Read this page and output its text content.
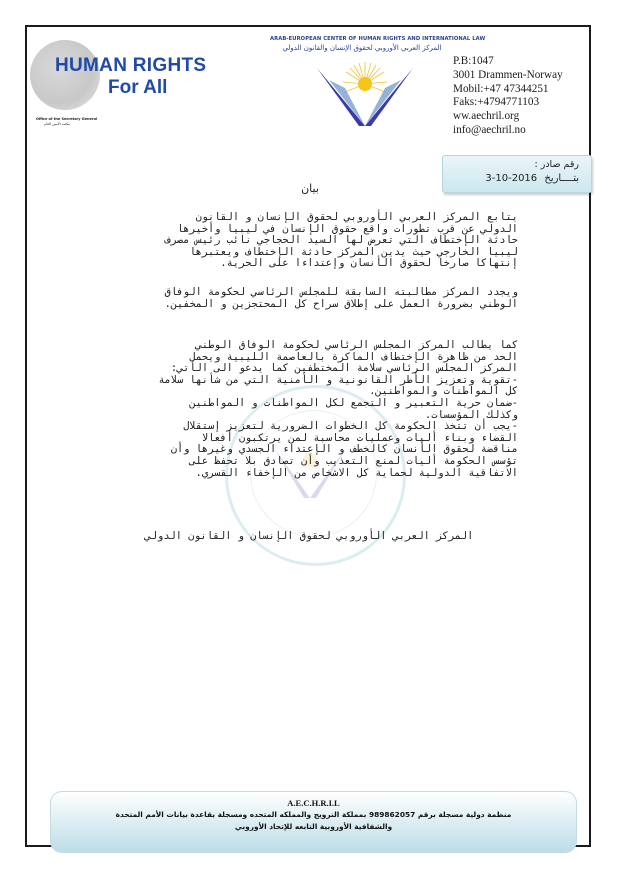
HUMAN RIGHTS
For All
Office of the Secretary General
مكتب الأمين العام
ARAB-EUROPEAN CENTER OF HUMAN RIGHTS AND INTERNATIONAL LAW
المركز العربي الأوروبي لحقوق الإنسان والقانون الدولي
P.B:1047
3001 Drammen-Norway
Mobil:+47 47344251
Faks:+4794771103
ww.aechril.org
info@aechril.no
رقم صادر :
بتــــاريخ 3-10-2016
بيان
يتابع المركز العربي الأوروبي لحقوق الإنسان و القانون
الدولي عن قرب تطورات واقع حقوق الإنسان في ليبيا وأخيرها
حادثة الإختطاف التي تعرض لها السيد الحجاجي نائب رئيس مصرف
ليبيا الخارجي حيث يدين المركز حادثة الإختطاف ويعتبرها
إنتهاكا صارخا لحقوق الأنسان وإعتداءا على الحرية.
ويجدد المركز مطالبته السابقة للمجلس الرئاسي لحكومة الوفاق
الوطني بضرورة العمل على إطلاق سراح كل المحتجزين و المخفين.
كما يطالب المركز المجلس الرئاسي لحكومة الوفاق الوطني
الحد من ظاهرة الإختطاف الماكرة بالعاصمة الليبية ويحمل
المركز المجلس الرئاسي سلامة المختطفين كما يدعو الى الأتي:
-تقوية وتعزيز الأطر القانونية و الأمنية التي من شأنها سلامة
كل المواطنات والمواطنين.
-ضمان حرية التعبير و التجمع لكل المواطنات و المواطنين
وكذلك المؤسسات.
-يجب أن تتخذ الحكومة كل الخطوات الضرورية لتعزيز إستقلال
القضاء وبناء أليات وعمليات محاسبة لمن يرتكبون أفعالا
مناقضة لحقوق الأنسان كالخطف و الإعتداء الجسدي وغيرها وأن
تؤسس الحكومة أليات لمنع التعذيب وأن تصادق بلا تحفظ على
الاتفاقية الدولية لحماية كل الاشخاص من الإخفاء القسري.
المركز العربي الأوروبي لحقوق الإنسان و القانون الدولي
A.E.C.H.R.I.L
منظمة دولية مسجلة برقم 989862057 بمملكة النرويج والمملكه المتحده ومسجلة بقاعدة بيانات الأمم المتحدة
والشفافية الأوروبية التابعه للإتحاد الأوروبي
